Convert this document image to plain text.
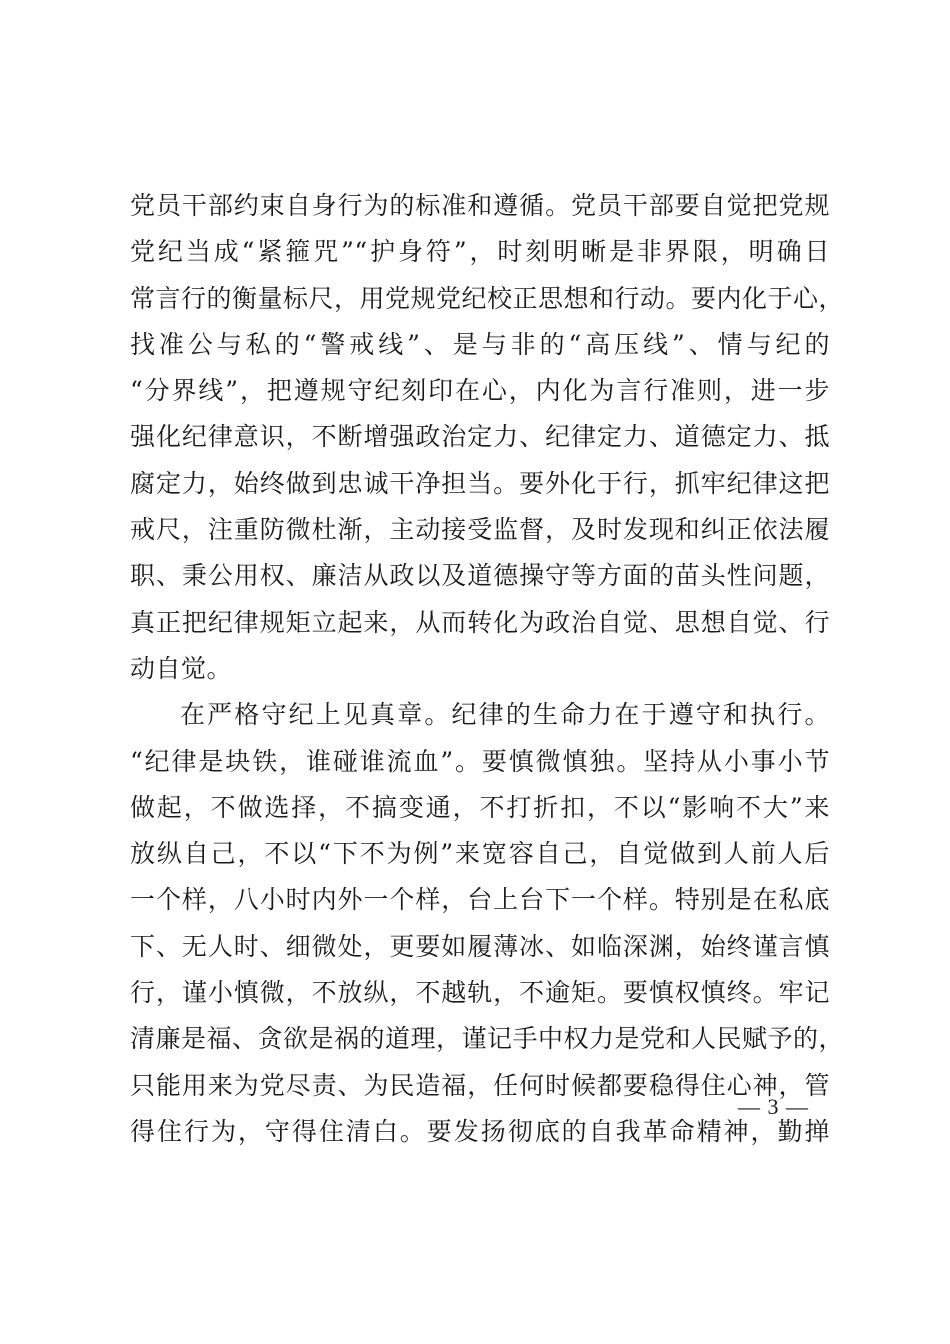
党员干部约束自身行为的标准和遵循。党员干部要自觉把党规
党纪当成“紧箍咒”“护身符”，时刻明晰是非界限，明确日
常言行的衡量标尺，用党规党纪校正思想和行动。要内化于心，
找准公与私的“警戒线”、是与非的“高压线”、情与纪的
“分界线”，把遵规守纪刻印在心，内化为言行准则，进一步
强化纪律意识，不断增强政治定力、纪律定力、道德定力、抵
腐定力，始终做到忠诚干净担当。要外化于行，抓牢纪律这把
戒尺，注重防微杜渐，主动接受监督，及时发现和纠正依法履
职、秉公用权、廉洁从政以及道德操守等方面的苗头性问题，
真正把纪律规矩立起来，从而转化为政治自觉、思想自觉、行
动自觉。
在严格守纪上见真章。纪律的生命力在于遵守和执行。
“纪律是块铁，谁碰谁流血”。要慎微慎独。坚持从小事小节
做起，不做选择，不搞变通，不打折扣，不以“影响不大”来
放纵自己，不以“下不为例”来宽容自己，自觉做到人前人后
一个样，八小时内外一个样，台上台下一个样。特别是在私底
下、无人时、细微处，更要如履薄冰、如临深渊，始终谨言慎
行，谨小慎微，不放纵，不越轨，不逾矩。要慎权慎终。牢记
清廉是福、贪欲是祸的道理，谨记手中权力是党和人民赋予的，
只能用来为党尽责、为民造福，任何时候都要稳得住心神，管
得住行为，守得住清白。要发扬彻底的自我革命精神，勤掸
— 3 —
